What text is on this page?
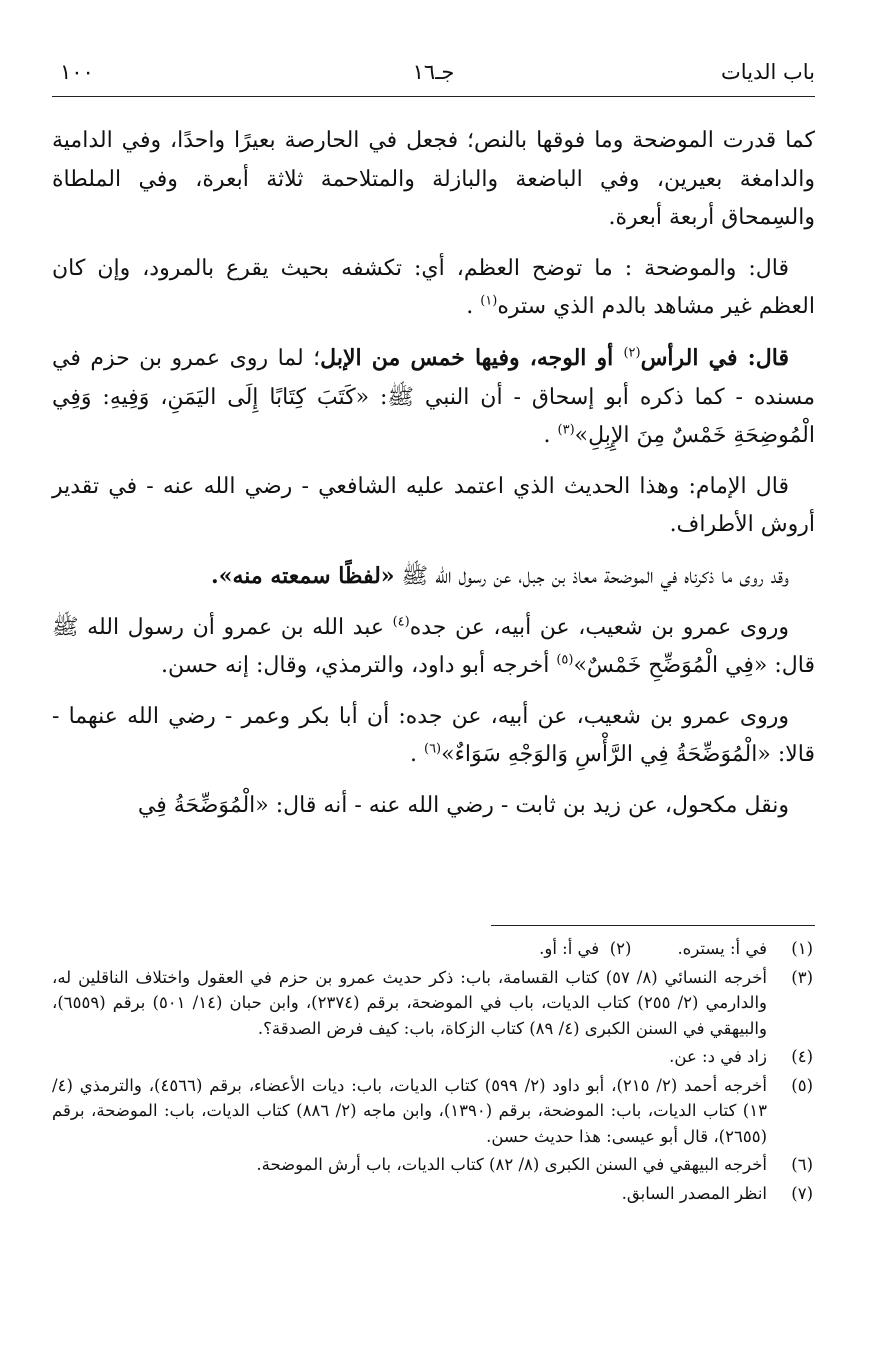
باب الديات
جـ١٦
١٠٠

كما قدرت الموضحة وما فوقها بالنص؛ فجعل في الحارصة بعيرًا واحدًا، وفي الدامية والدامغة بعيرين، وفي الباضعة والبازلة والمتلاحمة ثلاثة أبعرة، وفي الملطاة والسِمحاق أربعة أبعرة.

قال: والموضحة : ما توضح العظم، أي: تكشفه بحيث يقرع بالمرود، وإن كان العظم غير مشاهد بالدم الذي ستره$^{(١)}$ .

قال: في الرأس$^{(٢)}$ أو الوجه، وفيها خمس من الإبل؛ لما روى عمرو بن حزم في مسنده - كما ذكره أبو إسحاق - أن النبي ﷺ: «كَتَبَ كِتَابًا إِلَى اليَمَنِ، وَفِيهِ: وَفِي الْمُوضِحَةِ خَمْسٌ مِنَ الإِبِلِ»$^{(٣)}$ .

قال الإمام: وهذا الحديث الذي اعتمد عليه الشافعي - رضي الله عنه - في تقدير أروش الأطراف.

وقد روى ما ذكرناه في الموضحة معاذ بن جبل، عن رسول الله ﷺ «لفظًا سمعته منه».

وروى عمرو بن شعيب، عن أبيه، عن جده$^{(٤)}$ عبد الله بن عمرو أن رسول الله ﷺ قال: «فِي الْمُوَضِّحِ خَمْسٌ»$^{(٥)}$ أخرجه أبو داود، والترمذي، وقال: إنه حسن.

وروى عمرو بن شعيب، عن أبيه، عن جده: أن أبا بكر وعمر - رضي الله عنهما - قالا: «الْمُوَضِّحَةُ فِي الرَّأْسِ وَالوَجْهِ سَوَاءٌ»$^{(٦)}$ .

ونقل مكحول، عن زيد بن ثابت - رضي الله عنه - أنه قال: «الْمُوَضِّحَةُ فِي

(١)
في أ: يستره.(٢)  في أ: أو.
(٣)
أخرجه النسائي (٨/ ٥٧) كتاب القسامة، باب: ذكر حديث عمرو بن حزم في العقول واختلاف الناقلين له، والدارمي (٢/ ٢٥٥) كتاب الديات، باب في الموضحة، برقم (٢٣٧٤)، وابن حبان (١٤/ ٥٠١) برقم (٦٥٥٩)، والبيهقي في السنن الكبرى (٤/ ٨٩) كتاب الزكاة، باب: كيف فرض الصدقة؟.
(٤)
زاد في د: عن.
(٥)
أخرجه أحمد (٢/ ٢١٥)، أبو داود (٢/ ٥٩٩) كتاب الديات، باب: ديات الأعضاء، برقم (٤٥٦٦)، والترمذي (٤/ ١٣) كتاب الديات، باب: الموضحة، برقم (١٣٩٠)، وابن ماجه (٢/ ٨٨٦) كتاب الديات، باب: الموضحة، برقم (٢٦٥٥)، قال أبو عيسى: هذا حديث حسن.
(٦)
أخرجه البيهقي في السنن الكبرى (٨/ ٨٢) كتاب الديات، باب أرش الموضحة.
(٧)
انظر المصدر السابق.
